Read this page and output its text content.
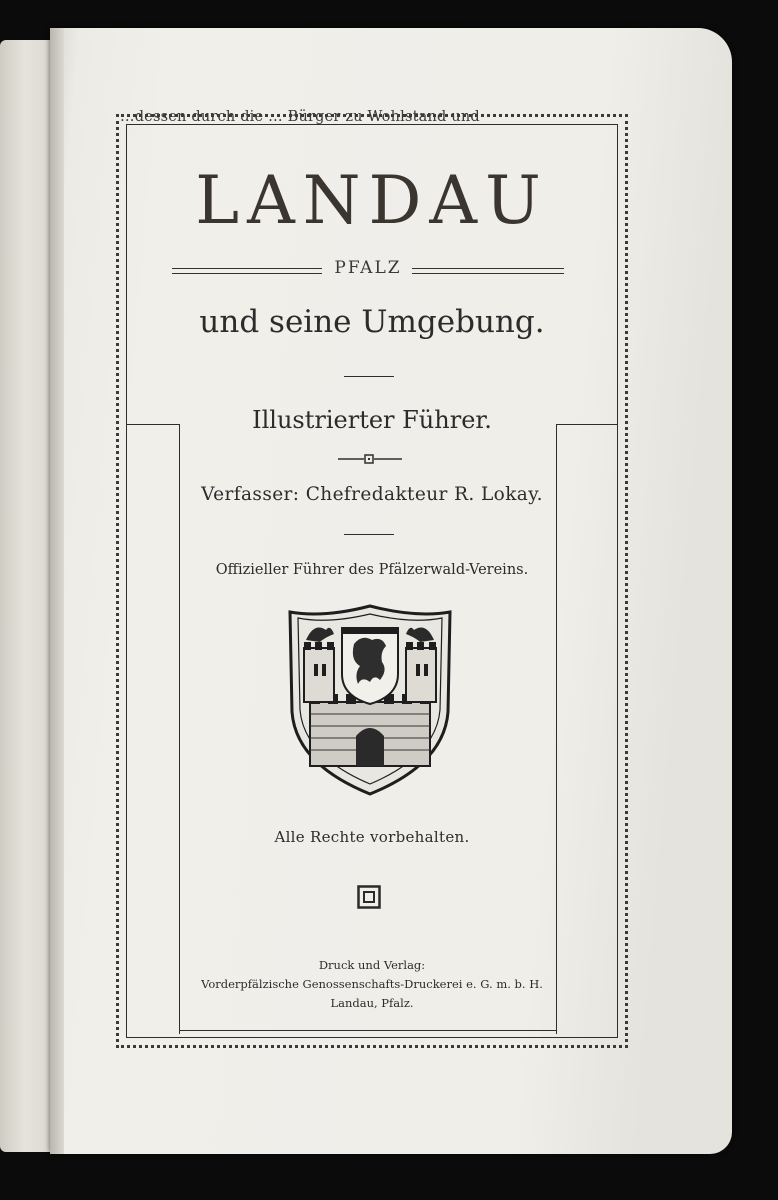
…dessen durch die … Bürger zu Wohlstand und
LANDAU
PFALZ
und seine Umgebung.
Illustrierter Führer.
Verfasser: Chefredakteur R. Lokay.
Offizieller Führer des Pfälzerwald-Vereins.
Alle Rechte vorbehalten.
Druck und Verlag:
Vorderpfälzische Genossenschafts-Druckerei e. G. m. b. H.
Landau, Pfalz.
